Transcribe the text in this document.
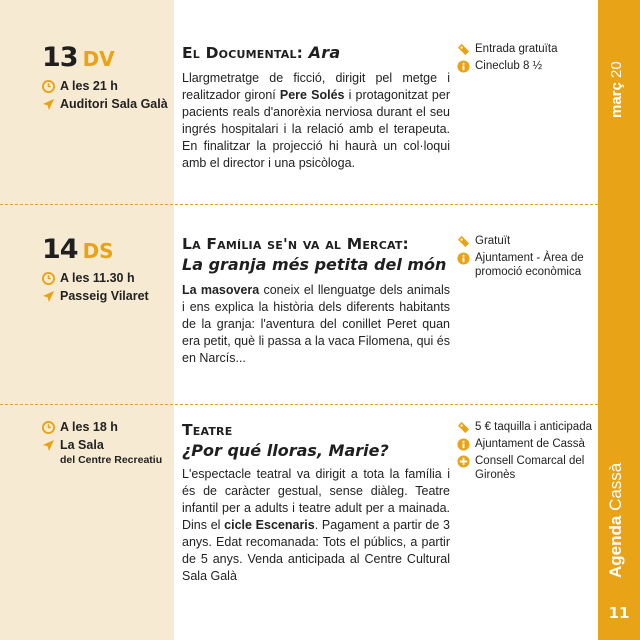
13 DV
A les 21 h
Auditori Sala Galà
El Documental: Ara
Llargmetratge de ficció, dirigit pel metge i realitzador gironí Pere Solés i protagonitzat per pacients reals d'anorèxia nerviosa durant el seu ingrés hospitalari i la relació amb el terapeuta. En finalitzar la projecció hi haurà un col·loqui amb el director i una psicòloga.
Entrada gratuïta
Cineclub 8 ½
14 DS
A les 11.30 h
Passeig Vilaret
La Família se'n va al Mercat:
La granja més petita del món
La masovera coneix el llenguatge dels animals i ens explica la història dels diferents habitants de la granja: l'aventura del conillet Peret quan era petit, què li passa a la vaca Filomena, qui és en Narcís...
Gratuït
Ajuntament - Àrea de promoció econòmica
A les 18 h
La Sala
del Centre Recreatiu
Teatre
¿Por qué lloras, Marie?
L'espectacle teatral va dirigit a tota la família i és de caràcter gestual, sense diàleg. Teatre infantil per a adults i teatre adult per a mainada. Dins el cicle Escenaris. Pagament a partir de 3 anys. Edat recomanada: Tots el públics, a partir de 5 anys. Venda anticipada al Centre Cultural Sala Galà
5 € taquilla i anticipada
Ajuntament de Cassà
Consell Comarcal del Gironès
març 20
Agenda Cassà
11
